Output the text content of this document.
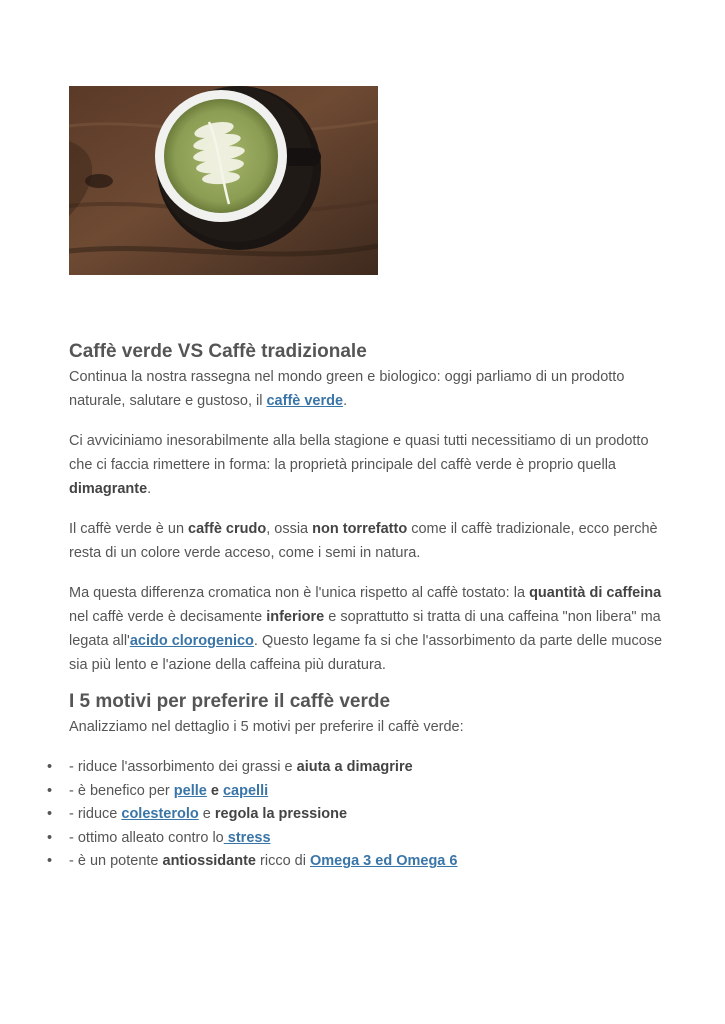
Caffè verde VS Caffè tradizionale

Continua la nostra rassegna nel mondo green e biologico: oggi parliamo di un prodotto naturale, salutare e gustoso, il caffè verde.

Ci avviciniamo inesorabilmente alla bella stagione e quasi tutti necessitiamo di un prodotto che ci faccia rimettere in forma: la proprietà principale del caffè verde è proprio quella dimagrante.

Il caffè verde è un caffè crudo, ossia non torrefatto come il caffè tradizionale, ecco perchè resta di un colore verde acceso, come i semi in natura.

Ma questa differenza cromatica non è l'unica rispetto al caffè tostato: la quantità di caffeina nel caffè verde è decisamente inferiore e soprattutto si tratta di una caffeina "non libera" ma legata all'acido clorogenico. Questo legame fa si che l'assorbimento da parte delle mucose sia più lento e l'azione della caffeina più duratura.

I 5 motivi per preferire il caffè verde

Analizziamo nel dettaglio i 5 motivi per preferire il caffè verde:

• - riduce l'assorbimento dei grassi e aiuta a dimagrire
• - è benefico per pelle e capelli
• - riduce colesterolo e regola la pressione
• - ottimo alleato contro lo stress
• - è un potente antiossidante ricco di Omega 3 ed Omega 6
